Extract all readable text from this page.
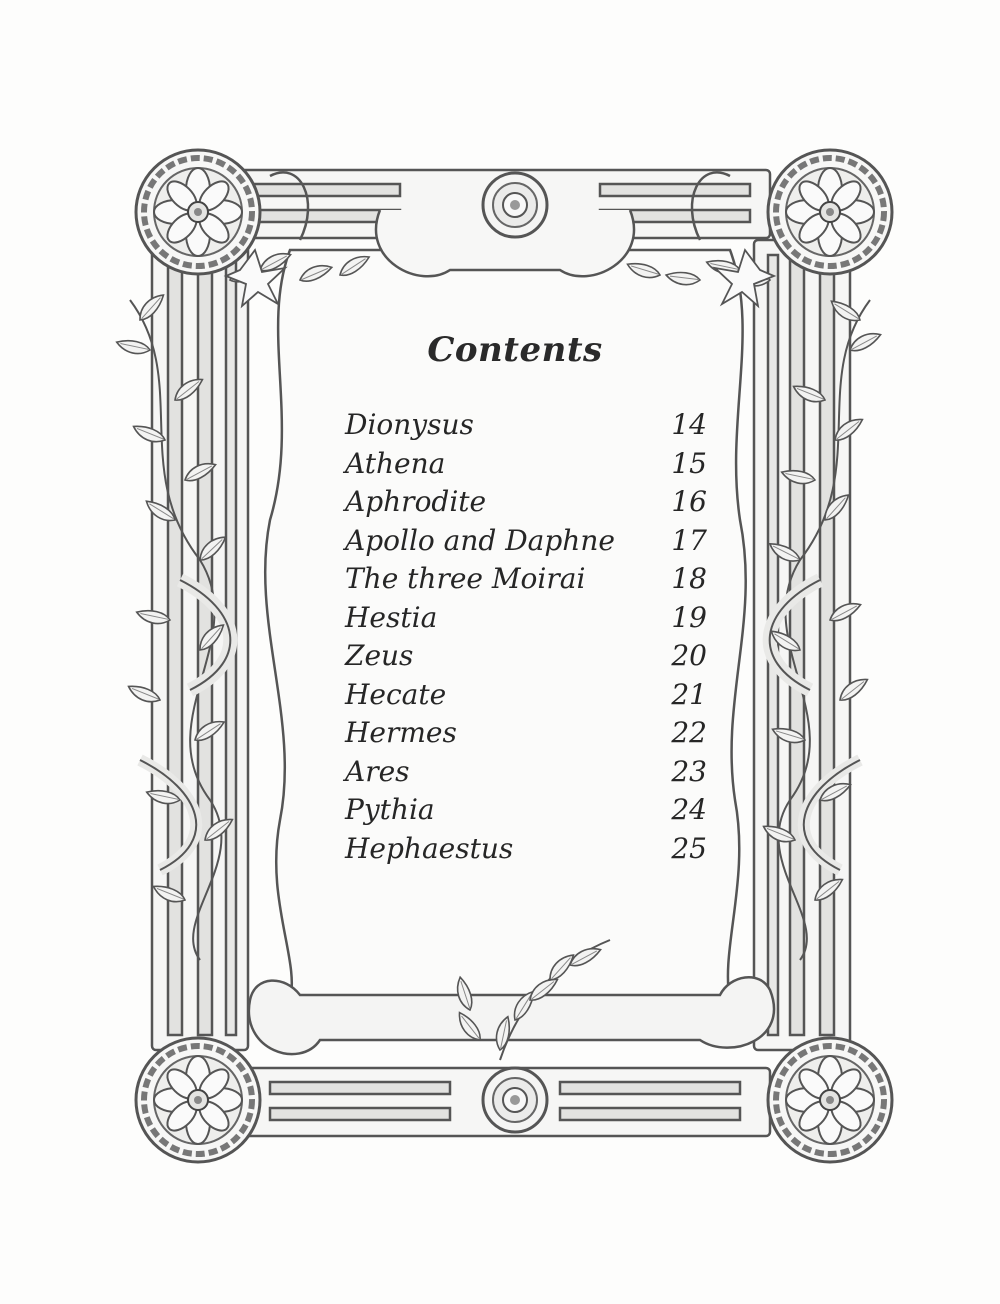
Contents
Dionysus	14
Athena	15
Aphrodite	16
Apollo and Daphne 17
The three Moirai	18
Hestia	19
Zeus	20
Hecate	21
Hermes	22
Ares	23
Pythia	24
Hephaestus	25
